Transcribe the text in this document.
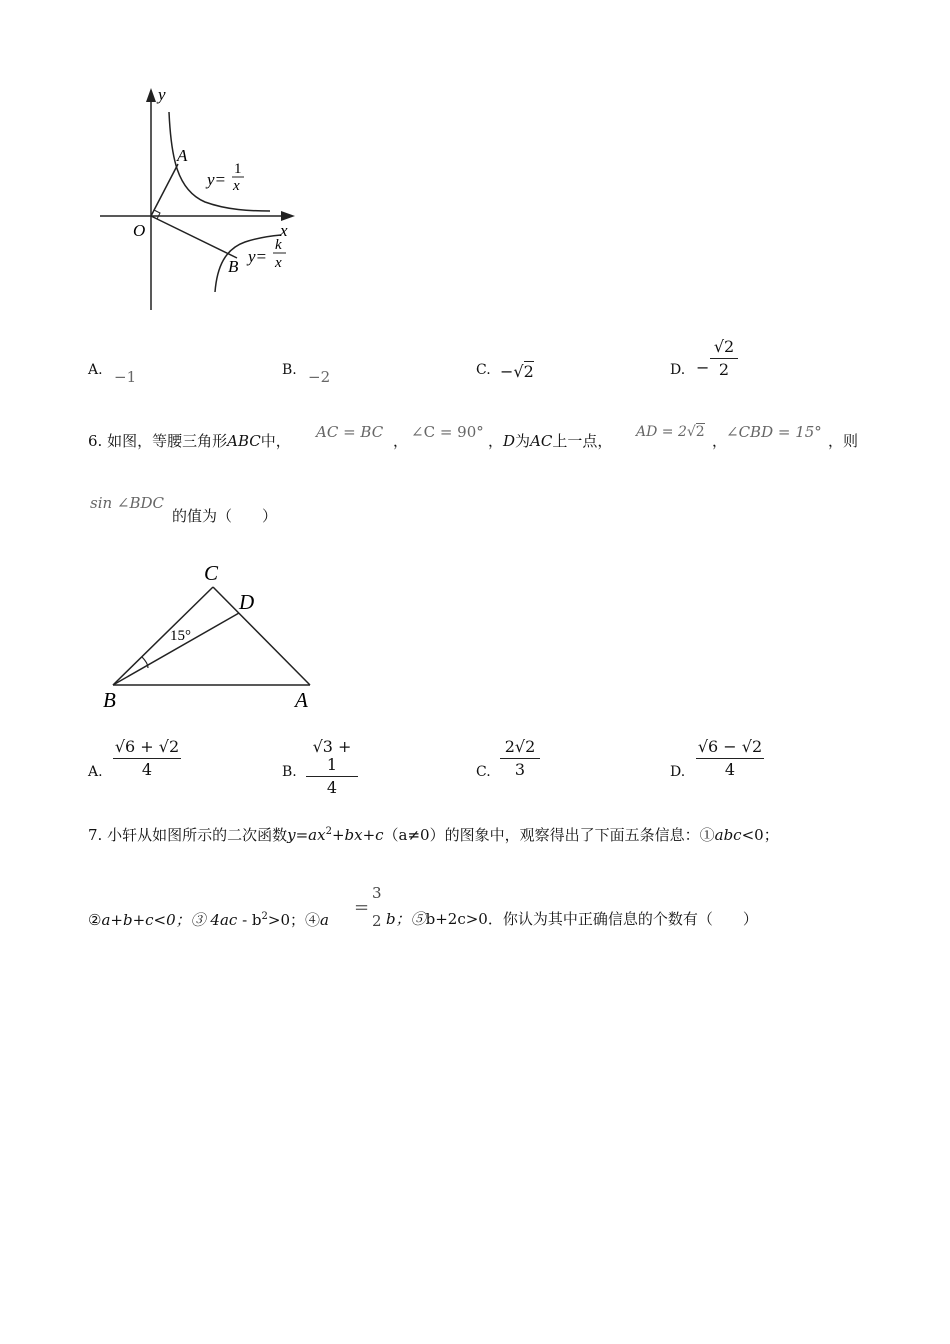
y
x
O
A
B
y=
1
x
y=
k
x
A. −1	B. −2	C. −√2	D. −
√2
2
6. 如图，等腰三角形ABC中， AC = BC ， ∠C = 90° ，D为AC上一点， AD = 2√2 ，
∠CBD = 15° ，则
sin ∠BDC
的值为（　　）
C
D
B	A
15°
A.
√6 + √2
4	B.
√3 + 1
4
C.
2√2
3	D.
√6 − √2
4
7. 小轩从如图所示的二次函数$y=ax^2+bx+c(a\ne 0)$的图象中，观察得出了下面五条信息：①abc<0；
②a+b+c<0；③ $4ac - b^2>0$；④a
=
3
2 b；⑤b+2c>0．你认为其中正确信息的个数有（　　）
